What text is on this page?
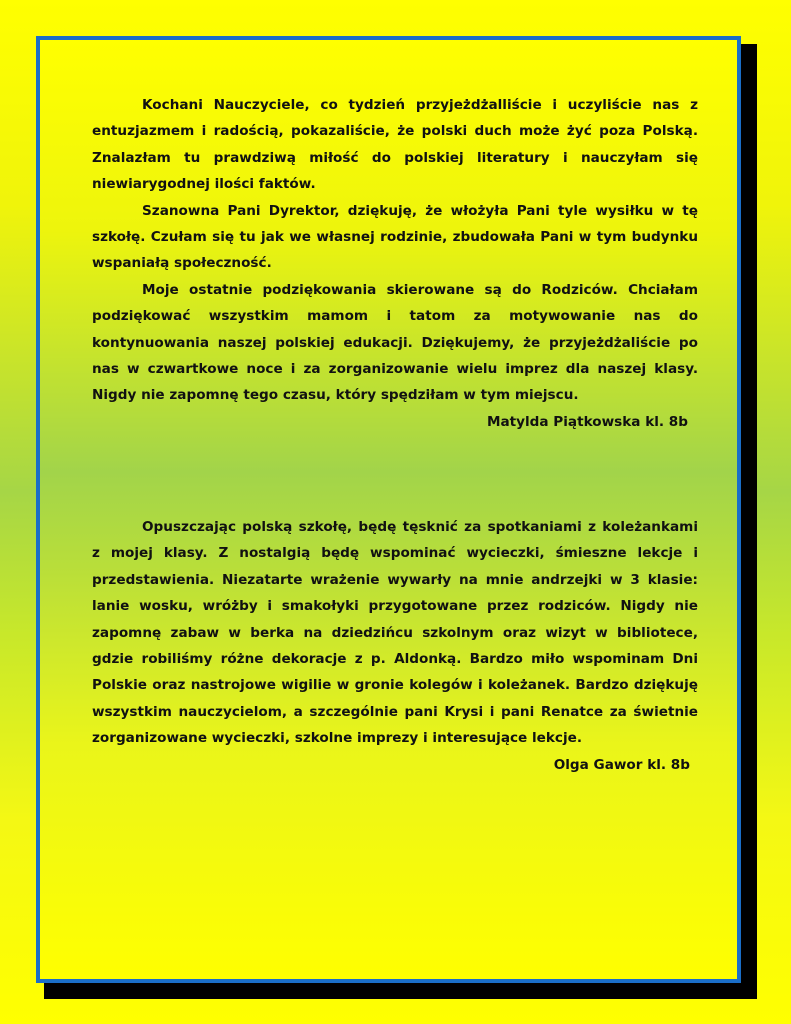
Kochani Nauczyciele, co tydzień przyjeżdżalliście i uczyliście nas z entuzjazmem i radością, pokazaliście, że polski duch może żyć poza Polską. Znalazłam tu prawdziwą miłość do polskiej literatury i nauczyłam się niewiarygodnej ilości faktów.

Szanowna Pani Dyrektor, dziękuję, że włożyła Pani tyle wysiłku w tę szkołę. Czułam się tu jak we własnej rodzinie, zbudowała Pani w tym budynku wspaniałą społeczność.

Moje ostatnie podziękowania skierowane są do Rodziców. Chciałam podziękować wszystkim mamom i tatom za motywowanie nas do kontynuowania naszej polskiej edukacji. Dziękujemy, że przyjeżdżaliście po nas w czwartkowe noce i za zorganizowanie wielu imprez dla naszej klasy. Nigdy nie zapomnę tego czasu, który spędziłam w tym miejscu.

Matylda Piątkowska kl. 8b

Opuszczając polską szkołę, będę tęsknić za spotkaniami z koleżankami z mojej klasy. Z nostalgią będę wspominać wycieczki, śmieszne lekcje i przedstawienia. Niezatarte wrażenie wywarły na mnie andrzejki w 3 klasie: lanie wosku, wróżby i smakołyki przygotowane przez rodziców. Nigdy nie zapomnę zabaw w berka na dziedzińcu szkolnym oraz wizyt w bibliotece, gdzie robiliśmy różne dekoracje z p. Aldonką. Bardzo miło wspominam Dni Polskie oraz nastrojowe wigilie w gronie kolegów i koleżanek. Bardzo dziękuję wszystkim nauczycielom, a szczególnie pani Krysi i pani Renatce za świetnie zorganizowane wycieczki, szkolne imprezy i interesujące lekcje.

Olga Gawor kl. 8b
